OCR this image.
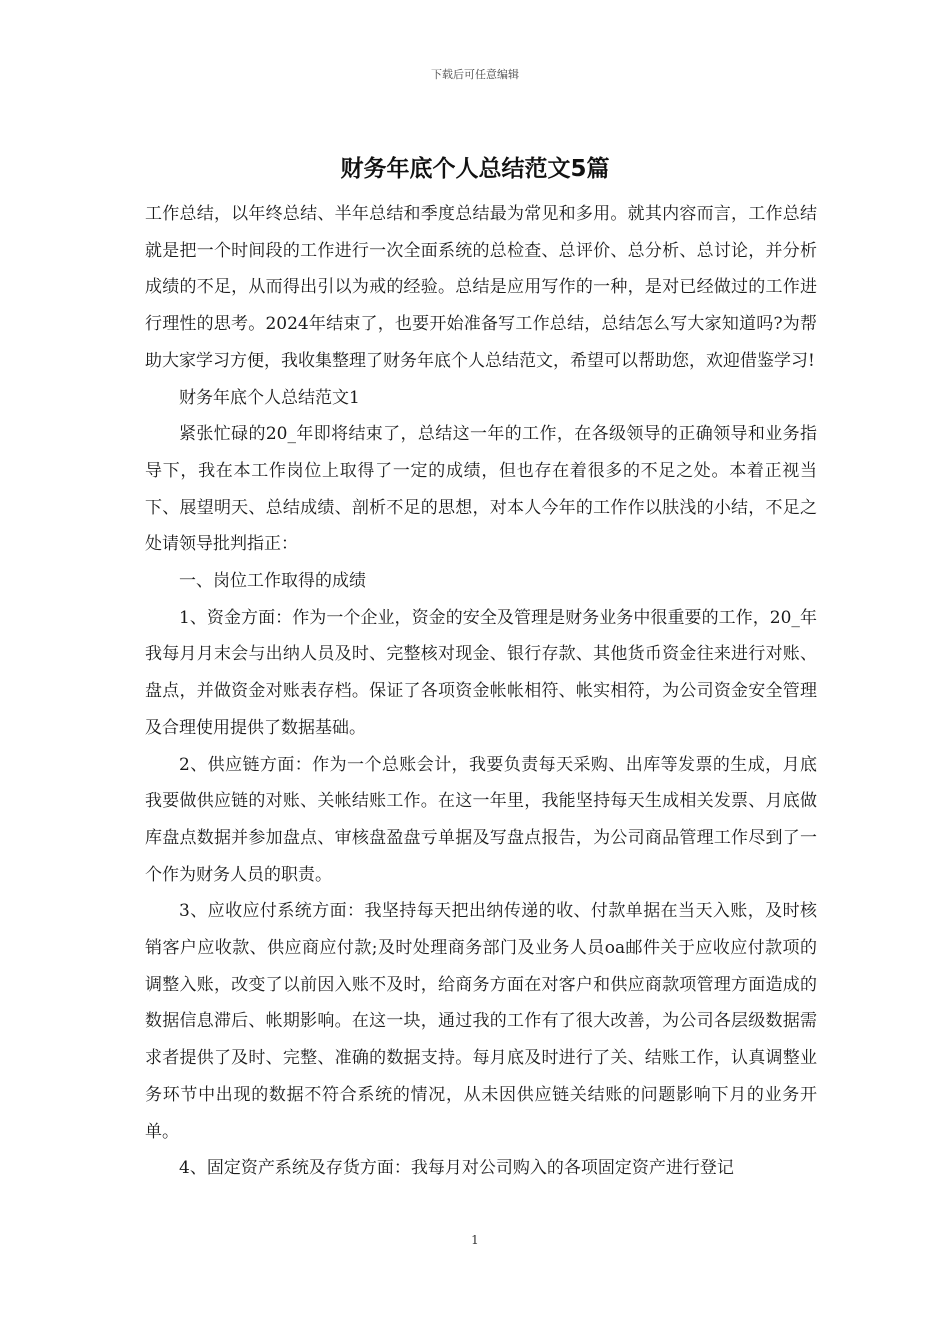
下载后可任意编辑
财务年底个人总结范文5篇

工作总结，以年终总结、半年总结和季度总结最为常见和多用。就其内容而言，工作总结就是把一个时间段的工作进行一次全面系统的总检查、总评价、总分析、总讨论，并分析成绩的不足，从而得出引以为戒的经验。总结是应用写作的一种，是对已经做过的工作进行理性的思考。2024年结束了，也要开始准备写工作总结，总结怎么写大家知道吗?为帮助大家学习方便，我收集整理了财务年底个人总结范文，希望可以帮助您，欢迎借鉴学习!

财务年底个人总结范文1

紧张忙碌的20_年即将结束了，总结这一年的工作，在各级领导的正确领导和业务指导下，我在本工作岗位上取得了一定的成绩，但也存在着很多的不足之处。本着正视当下、展望明天、总结成绩、剖析不足的思想，对本人今年的工作作以肤浅的小结，不足之处请领导批判指正：

一、岗位工作取得的成绩

1、资金方面：作为一个企业，资金的安全及管理是财务业务中很重要的工作，20_年我每月月末会与出纳人员及时、完整核对现金、银行存款、其他货币资金往来进行对账、盘点，并做资金对账表存档。保证了各项资金帐帐相符、帐实相符，为公司资金安全管理及合理使用提供了数据基础。

2、供应链方面：作为一个总账会计，我要负责每天采购、出库等发票的生成，月底我要做供应链的对账、关帐结账工作。在这一年里，我能坚持每天生成相关发票、月底做库盘点数据并参加盘点、审核盘盈盘亏单据及写盘点报告，为公司商品管理工作尽到了一个作为财务人员的职责。

3、应收应付系统方面：我坚持每天把出纳传递的收、付款单据在当天入账，及时核销客户应收款、供应商应付款;及时处理商务部门及业务人员oa邮件关于应收应付款项的调整入账，改变了以前因入账不及时，给商务方面在对客户和供应商款项管理方面造成的数据信息滞后、帐期影响。在这一块，通过我的工作有了很大改善，为公司各层级数据需求者提供了及时、完整、准确的数据支持。每月底及时进行了关、结账工作，认真调整业务环节中出现的数据不符合系统的情况，从未因供应链关结账的问题影响下月的业务开单。

4、固定资产系统及存货方面：我每月对公司购入的各项固定资产进行登记

1
